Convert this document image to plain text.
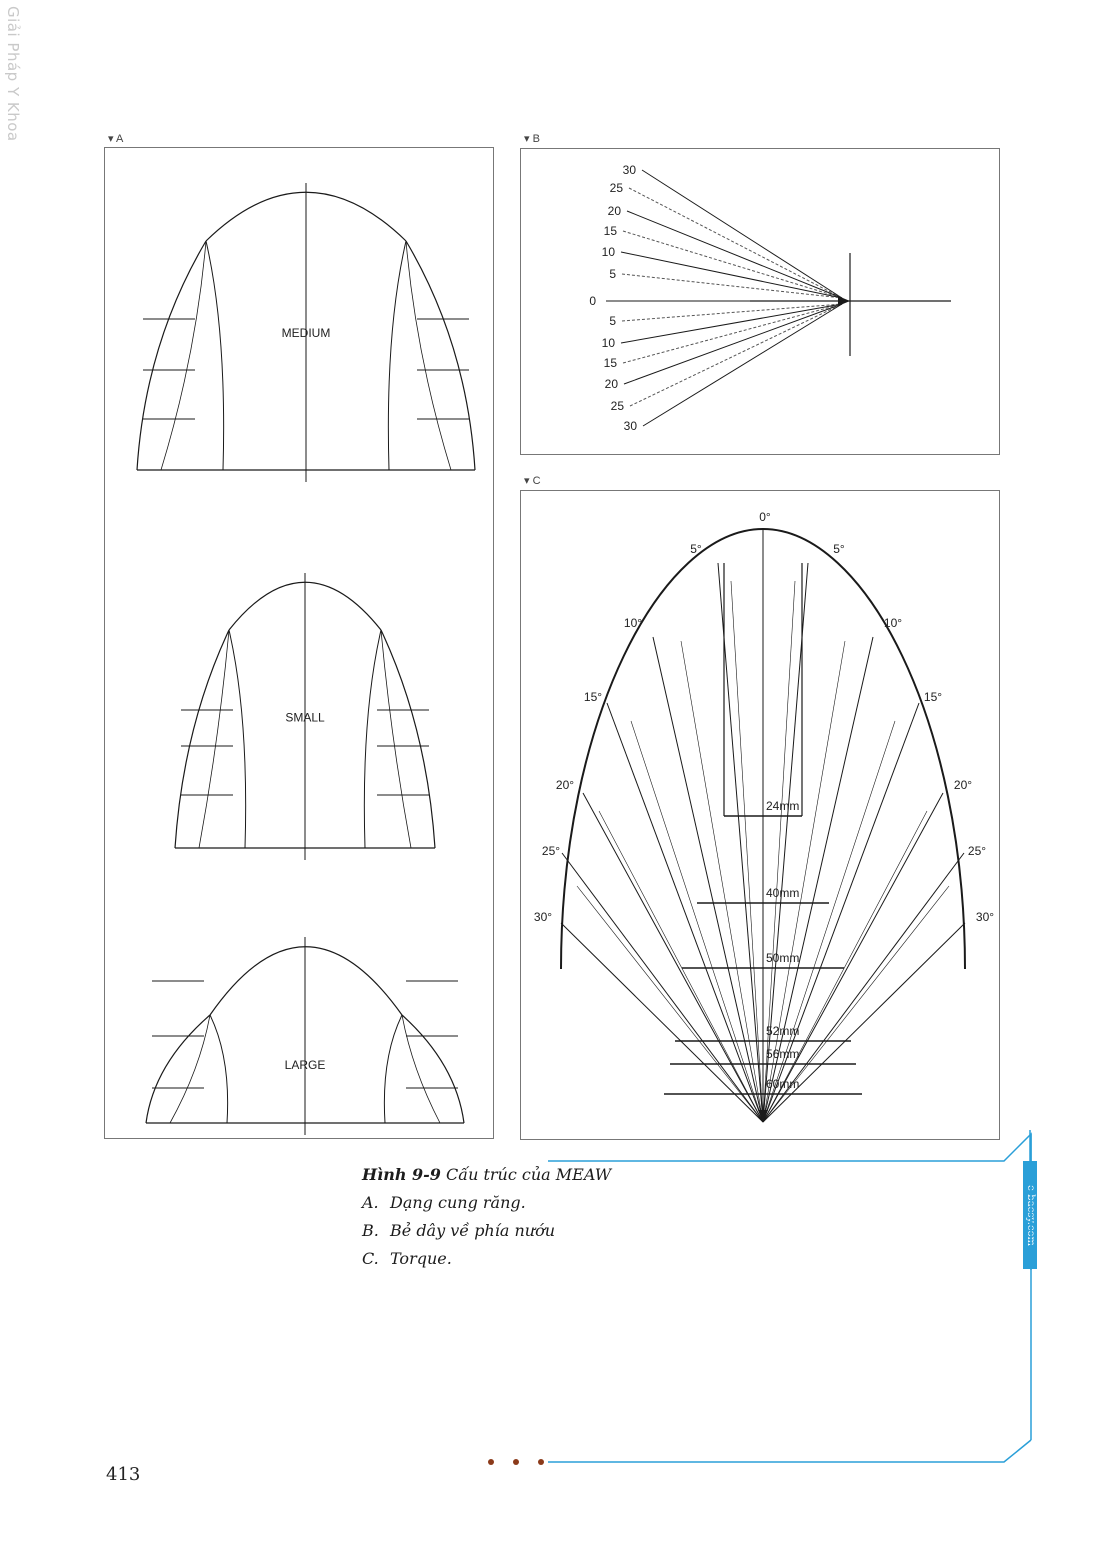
Giải Pháp Y Khoa	▾ A
MEDIUM
SMALL
LARGE
▾ B
30
25
20
15
10
5
0
5
10
15
20
25
30
▾ C
24mm
40mm
50mm
52mm
56mm
60mm
0°
5°
10°
15°
20°
25°
30°
5°
10°
15°
20°
25°
30°
Hình 9-9 Cấu trúc của MEAW
A. Dạng cung răng.
B. Bẻ dây về phía nướu
C. Torque.
e-bacsy.com
413
